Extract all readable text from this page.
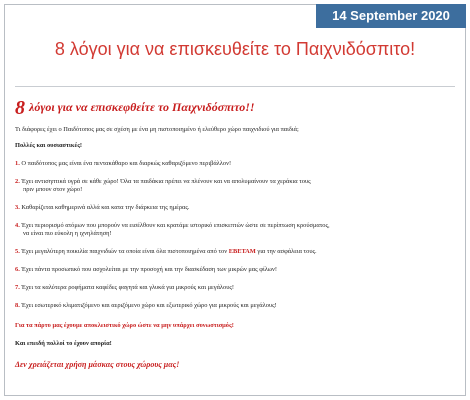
14 September 2020
8 λόγοι για να επισκευθείτε το Παιχνιδόσπιτο!
8 λόγοι για να επισκεφθείτε το Παιχνιδόσπιτο!!

Τι διάφορες έχει ο Παιδότοπος μας σε σχέση με ένα μη πιστοποιημένο ή ελεύθερο χώρο παιχνιδιού για παιδιά;

Πολλές και ουσιαστικές!

1. Ο παιδότοπος μας είναι ένα πεντακάθαρο και διαρκώς καθαριζόμενο περιβάλλον!
2. Έχει αντισηπτικά υγρά σε κάθε χώρο! Όλα τα παιδάκια πρέπει να πλένουν και να απολυμαίνουν τα χεράκια τους
πριν μπουν στον χώρο!
3. Καθαρίζεται καθημερινά αλλά και κατα την διάρκεια της ημέρας.
4. Έχει περιορισμό ατόμων που μπορούν να εισέλθουν και κρατάμε ιστορικό επισκεπτών ώστε σε περίπτωση κρούσματος,
να είναι πιο εύκολη η ιχνηλάτηση!
5. Έχει μεγαλύτερη ποικιλία παιχνιδιών τα οποία είναι όλα πιστοποιημένα από τον ΕΒΕΤΑΜ για την ασφάλεια τους.
6. Έχει πάντα προσωπικό που ασχολείται με την προσοχή και την διασκέδαση των μικρών μας φίλων!
7. Έχει τα καλύτερα ροφήματα καφέδες φαγητά και γλυκά για μικρούς και μεγάλους!
8. Έχει εσωτερικό κλιματιζόμενο και αεριζόμενο χώρο και εξωτερικό χώρο για μικρούς και μεγάλους!

Για τα πάρτυ μας έχουμε αποκλειστικό χώρο ώστε να μην υπάρχει συνωστισμός!

Και επειδή πολλοί το έχουν απορία!

Δεν χρειάζεται χρήση μάσκας στους χώρους μας!
